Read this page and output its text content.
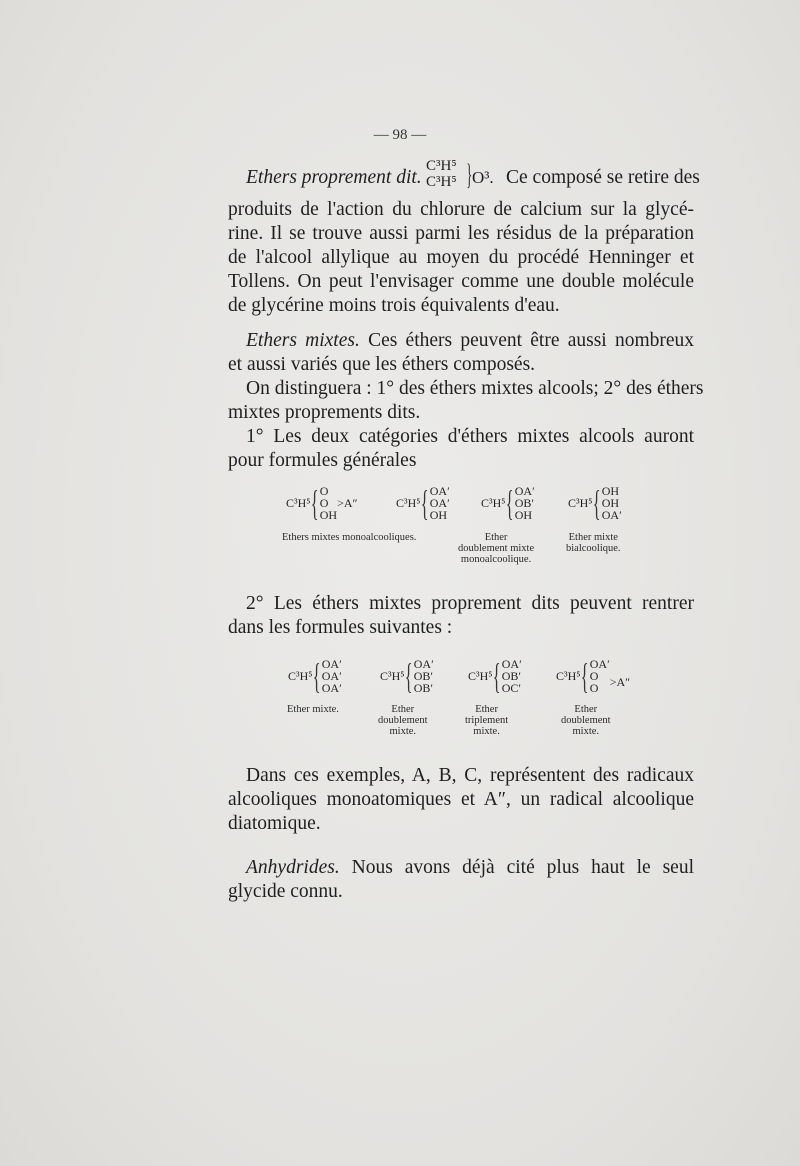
— 98 —
Ethers proprement dit.
C³H⁵
C³H⁵ } O³. Ce composé se retire des
produits de l'action du chlorure de calcium sur la glycé-
rine. Il se trouve aussi parmi les résidus de la préparation
de l'alcool allylique au moyen du procédé Henninger et
Tollens. On peut l'envisager comme une double molécule
de glycérine moins trois équivalents d'eau.
Ethers mixtes. Ces éthers peuvent être aussi nombreux
et aussi variés que les éthers composés.
On distinguera : 1° des éthers mixtes alcools; 2° des éthers
mixtes proprements dits.
1° Les deux catégories d'éthers mixtes alcools auront
pour formules générales
C³H⁵{ O
O
OH
>A″	C³H⁵{ OA′
OA′
OH
C³H⁵{ OA′
OB′
OH
C³H⁵{ OH
OH
OA′
Ethers mixtes monoalcooliques.	Ether
doublement mixte
monoalcoolique.
Ether mixte
bialcoolique.
2° Les éthers mixtes proprement dits peuvent rentrer
dans les formules suivantes :
C³H⁵{ OA′
OA′
OA′
C³H⁵{ OA′
OB′
OB′
C³H⁵{ OA′
OB′
OC′
C³H⁵{ OA′
O
O >A″
Ether mixte.	Ether
doublement
mixte.
Ether
triplement
mixte.
Ether
doublement
mixte.
Dans ces exemples, A, B, C, représentent des radicaux
alcooliques monoatomiques et A″, un radical alcoolique
diatomique.
Anhydrides. Nous avons déjà cité plus haut le seul
glycide connu.
